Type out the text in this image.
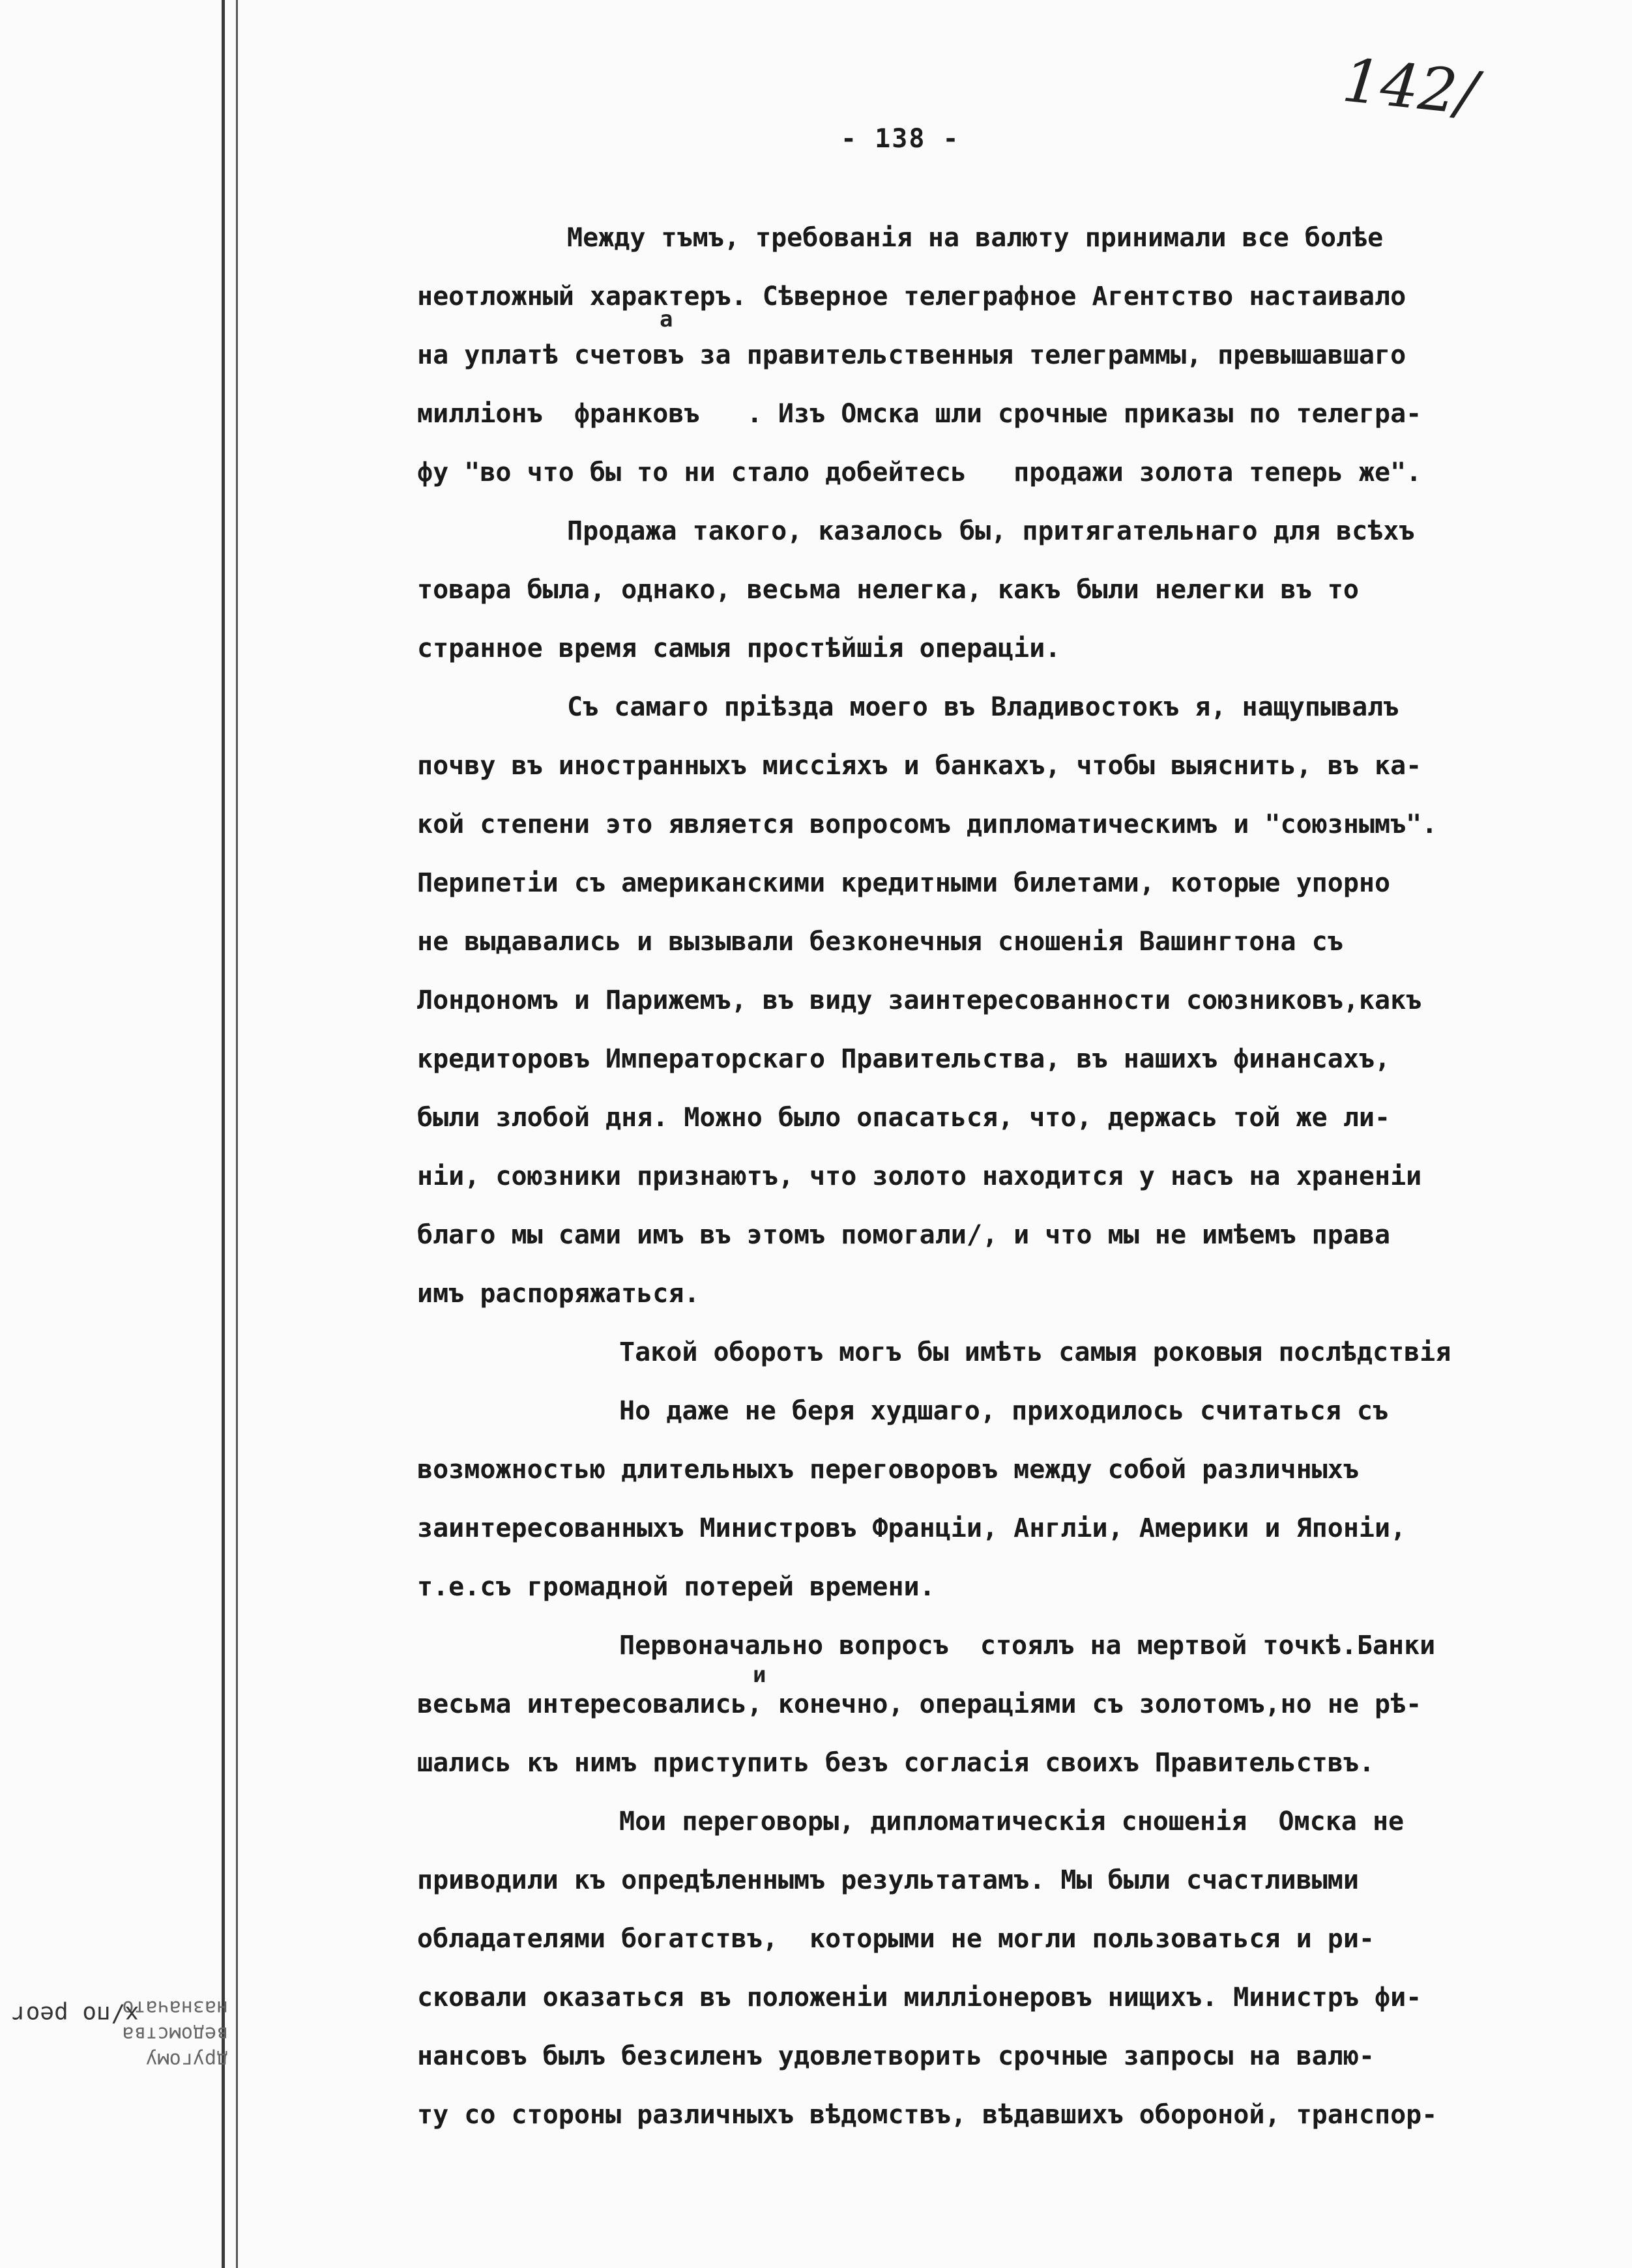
142/
- 138 -
другому
ведомства
назначато
х/по peor
а
и
Между тъмъ, требованія на валюту принимали все болѣе
неотложный характеръ. Сѣверное телеграфное Агентство настаивало
на уплатѣ счетовъ за правительственныя телеграммы, превышавшаго
милліонъ  франковъ   . Изъ Омска шли срочные приказы по телегра-
фу "во что бы то ни стало добейтесь   продажи золота теперь же".
Продажа такого, казалось бы, притягательнаго для всѣхъ
товара была, однако, весьма нелегка, какъ были нелегки въ то
странное время самыя простѣйшія операціи.
Съ самаго пріѣзда моего въ Владивостокъ я, нащупывалъ
почву въ иностранныхъ миссіяхъ и банкахъ, чтобы выяснить, въ ка-
кой степени это является вопросомъ дипломатическимъ и "союзнымъ".
Перипетіи съ американскими кредитными билетами, которые упорно
не выдавались и вызывали безконечныя сношенія Вашингтона съ
Лондономъ и Парижемъ, въ виду заинтересованности союзниковъ,какъ
кредиторовъ Императорскаго Правительства, въ нашихъ финансахъ,
были злобой дня. Можно было опасаться, что, держась той же ли-
ніи, союзники признаютъ, что золото находится у насъ на храненіи
благо мы сами имъ въ этомъ помогали/, и что мы не имѣемъ права
имъ распоряжаться.
Такой оборотъ могъ бы имѣть самыя роковыя послѣдствія
Но даже не беря худшаго, приходилось считаться съ
возможностью длительныхъ переговоровъ между собой различныхъ
заинтересованныхъ Министровъ Франціи, Англіи, Америки и Японіи,
т.е.съ громадной потерей времени.
Первоначально вопросъ  стоялъ на мертвой точкѣ.Банки
весьма интересовались, конечно, операціями съ золотомъ,но не рѣ-
шались къ нимъ приступить безъ согласія своихъ Правительствъ.
Мои переговоры, дипломатическія сношенія  Омска не
приводили къ опредѣленнымъ результатамъ. Мы были счастливыми
обладателями богатствъ,  которыми не могли пользоваться и ри-
сковали оказаться въ положеніи милліонеровъ нищихъ. Министръ фи-
нансовъ былъ безсиленъ удовлетворить срочные запросы на валю-
ту со стороны различныхъ вѣдомствъ, вѣдавшихъ обороной, транспор-
